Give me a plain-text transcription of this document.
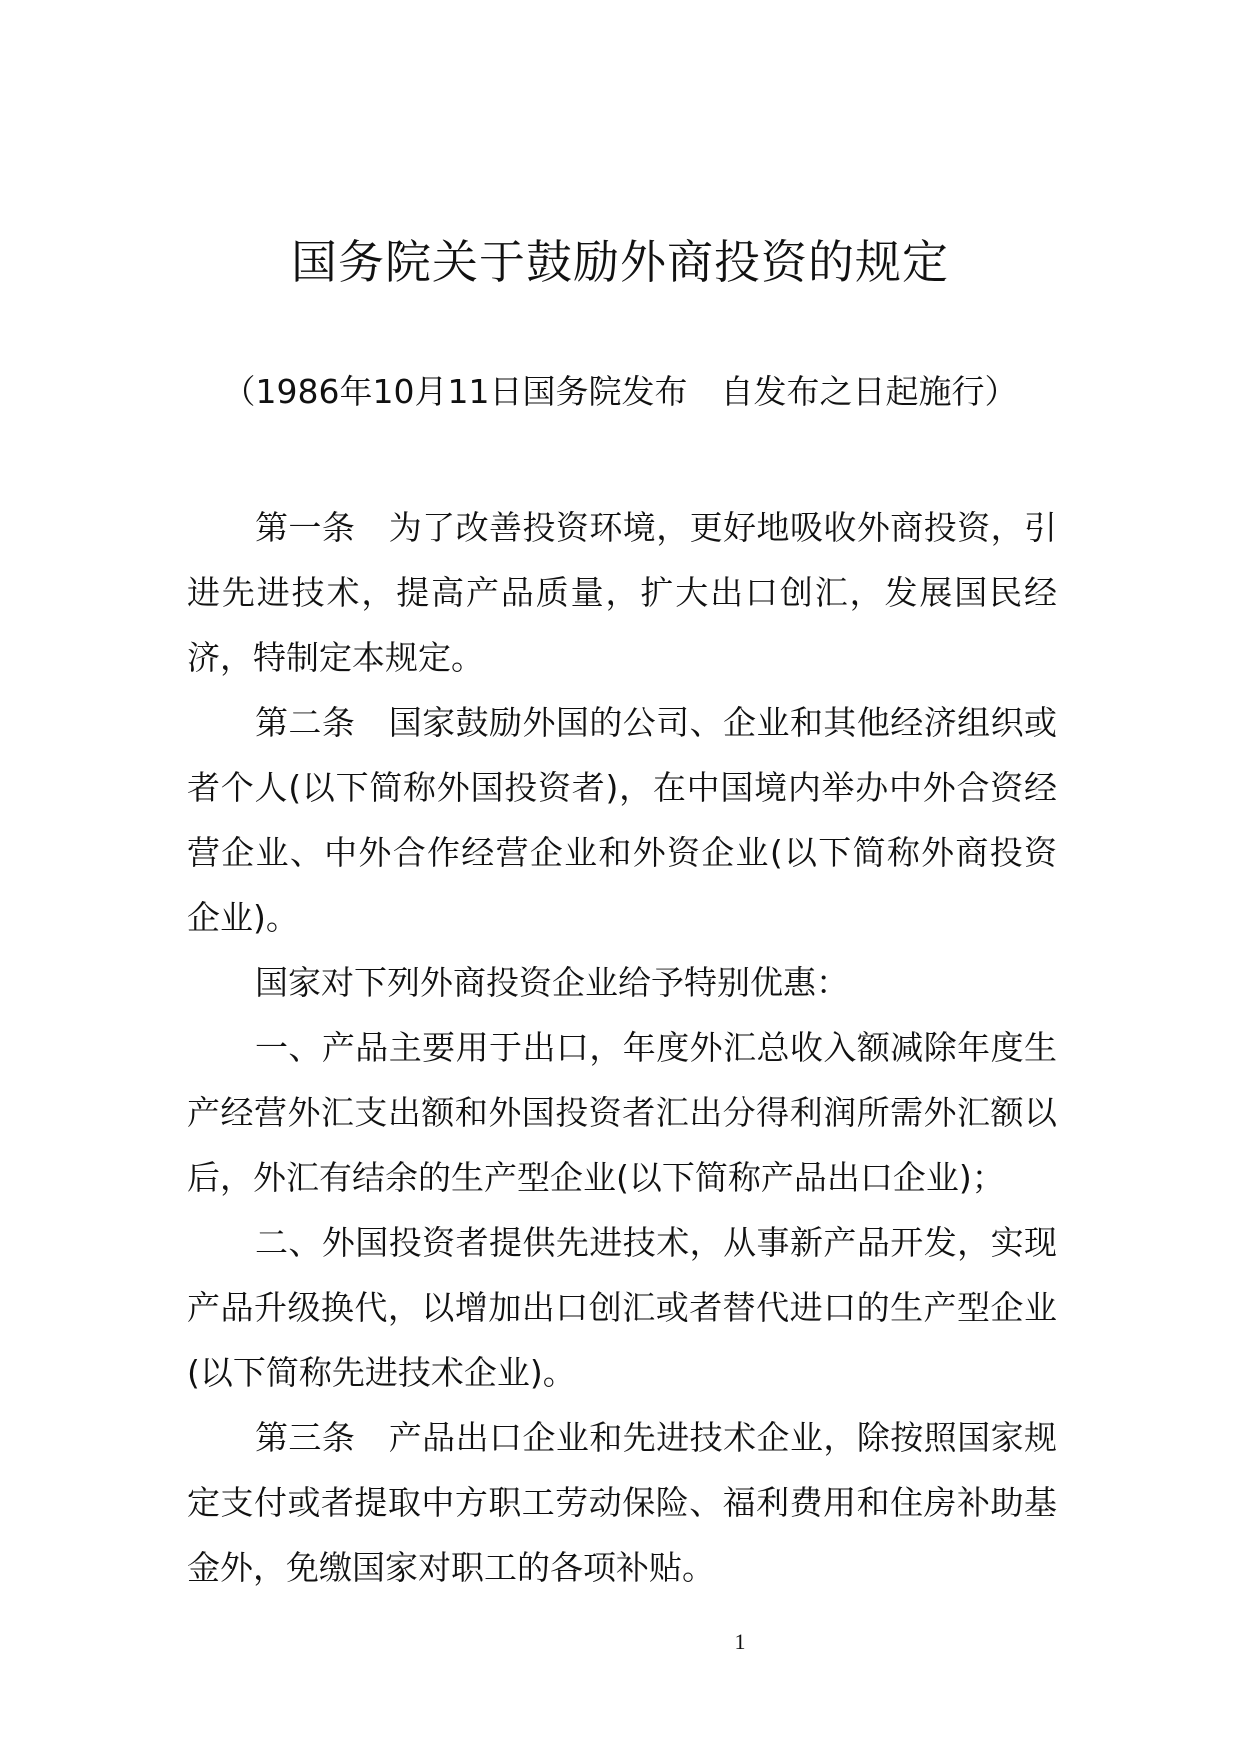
国务院关于鼓励外商投资的规定
（1986年10月11日国务院发布　自发布之日起施行）

第一条　为了改善投资环境，更好地吸收外商投资，引进先进技术，提高产品质量，扩大出口创汇，发展国民经济，特制定本规定。

第二条　国家鼓励外国的公司、企业和其他经济组织或者个人(以下简称外国投资者)，在中国境内举办中外合资经营企业、中外合作经营企业和外资企业(以下简称外商投资企业)。

国家对下列外商投资企业给予特别优惠：

一、产品主要用于出口，年度外汇总收入额减除年度生产经营外汇支出额和外国投资者汇出分得利润所需外汇额以后，外汇有结余的生产型企业(以下简称产品出口企业)；

二、外国投资者提供先进技术，从事新产品开发，实现产品升级换代，以增加出口创汇或者替代进口的生产型企业(以下简称先进技术企业)。

第三条　产品出口企业和先进技术企业，除按照国家规定支付或者提取中方职工劳动保险、福利费用和住房补助基金外，免缴国家对职工的各项补贴。

1
